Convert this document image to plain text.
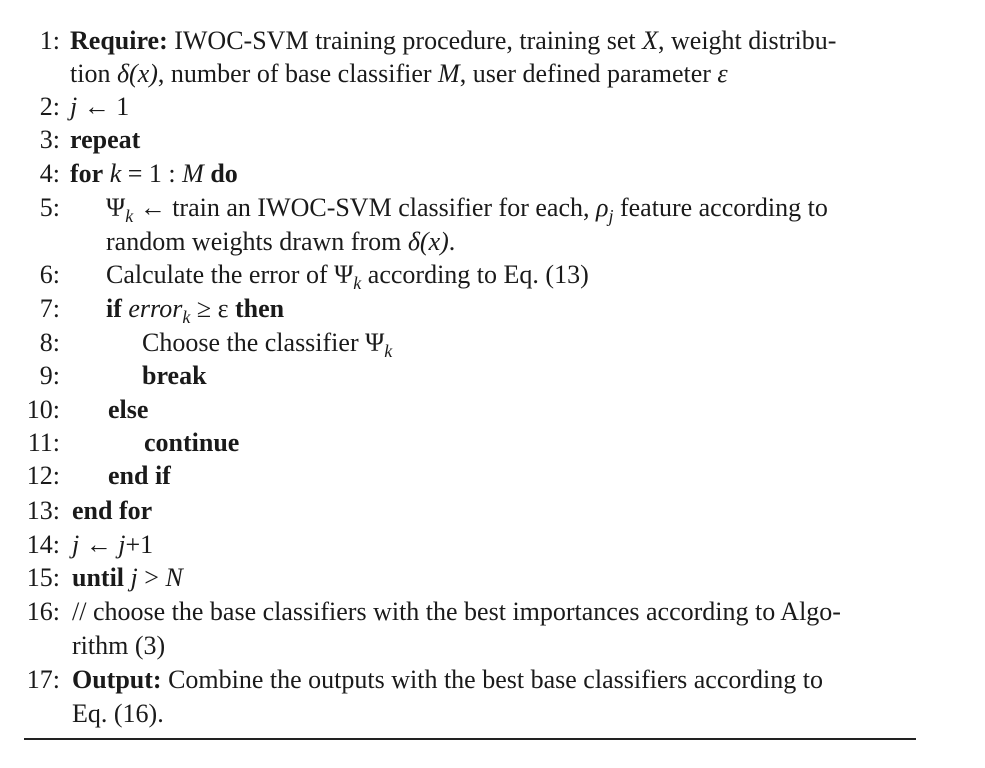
1: Require: IWOC-SVM training procedure, training set X, weight distribu-
tion δ(x), number of base classifier M, user defined parameter ε
2: j ← 1
3: repeat
4: for k = 1 : M do
5: $\Psi_k$ ← train an IWOC-SVM classifier for each, $\rho_j$ feature according to
random weights drawn from δ(x).
6: Calculate the error of $\Psi_k$ according to Eq. (13)
7: if error$_k$ ≥ ε then
8:	Choose the classifier $\Psi_k$
9:	break
10: else
11:	continue
12: end if
13: end for
14: j ← j+1
15: until j > N
16: // choose the base classifiers with the best importances according to Algo-
rithm (3)
17: Output: Combine the outputs with the best base classifiers according to
Eq. (16).
